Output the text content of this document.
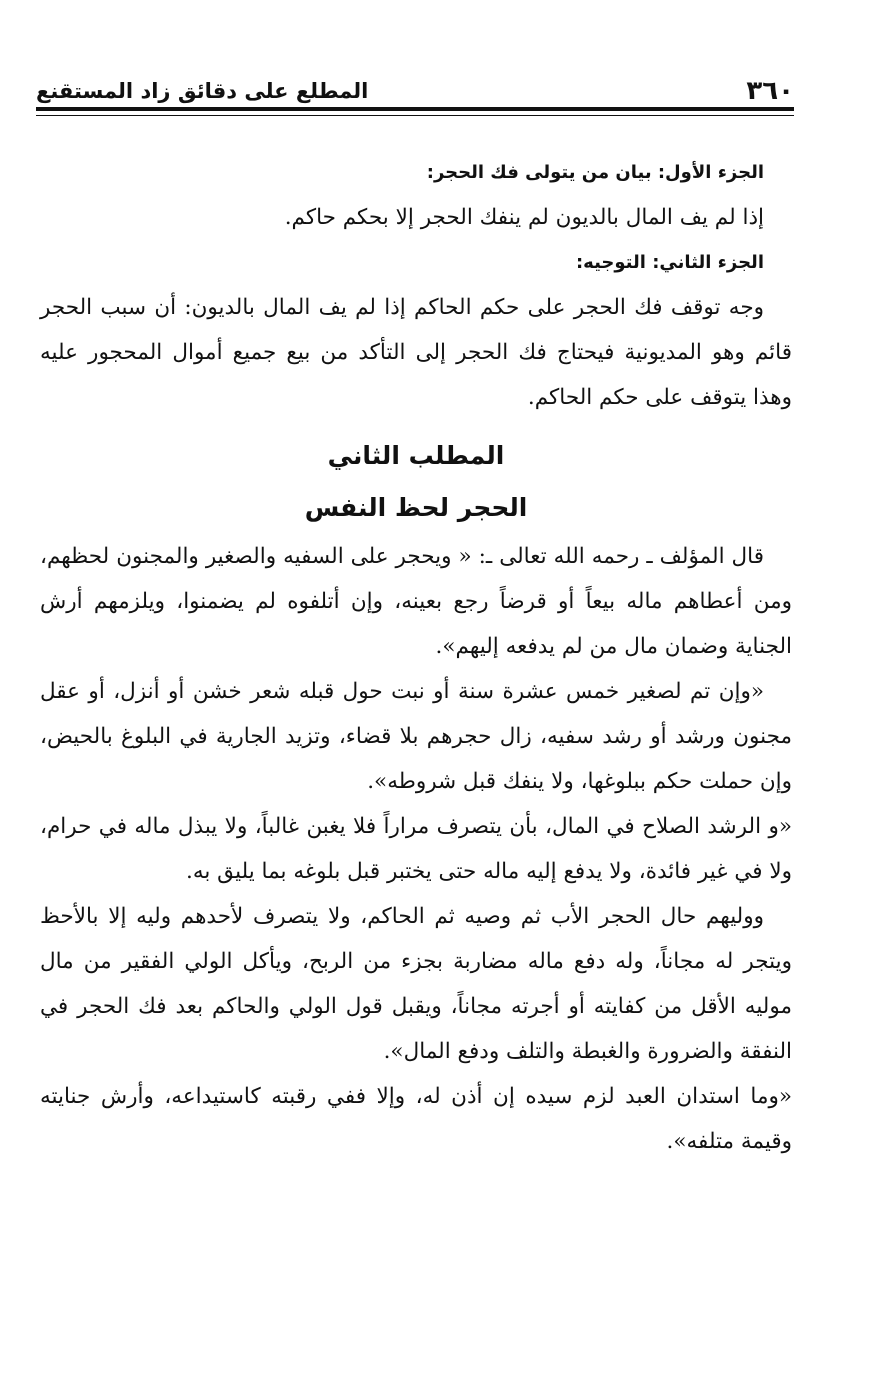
٣٦٠
المطلع على دقائق زاد المستقنع

الجزء الأول: بيان من يتولى فك الحجر:

إذا لم يف المال بالديون لم ينفك الحجر إلا بحكم حاكم.

الجزء الثاني: التوجيه:

وجه توقف فك الحجر على حكم الحاكم إذا لم يف المال بالديون: أن سبب الحجر قائم وهو المديونية فيحتاج فك الحجر إلى التأكد من بيع جميع أموال المحجور عليه وهذا يتوقف على حكم الحاكم.

المطلب الثاني

الحجر لحظ النفس

قال المؤلف ـ رحمه الله تعالى ـ: « ويحجر على السفيه والصغير والمجنون لحظهم، ومن أعطاهم ماله بيعاً أو قرضاً رجع بعينه، وإن أتلفوه لم يضمنوا، ويلزمهم أرش الجناية وضمان مال من لم يدفعه إليهم».

«وإن تم لصغير خمس عشرة سنة أو نبت حول قبله شعر خشن أو أنزل، أو عقل مجنون ورشد أو رشد سفيه، زال حجرهم بلا قضاء، وتزيد الجارية في البلوغ بالحيض، وإن حملت حكم ببلوغها، ولا ينفك قبل شروطه».

«و الرشد الصلاح في المال، بأن يتصرف مراراً فلا يغبن غالباً، ولا يبذل ماله في حرام، ولا في غير فائدة، ولا يدفع إليه ماله حتى يختبر قبل بلوغه بما يليق به.

ووليهم حال الحجر الأب ثم وصيه ثم الحاكم، ولا يتصرف لأحدهم وليه إلا بالأحظ ويتجر له مجاناً، وله دفع ماله مضاربة بجزء من الربح، ويأكل الولي الفقير من مال موليه الأقل من كفايته أو أجرته مجاناً، ويقبل قول الولي والحاكم بعد فك الحجر في النفقة والضرورة والغبطة والتلف ودفع المال».

«وما استدان العبد لزم سيده إن أذن له، وإلا ففي رقبته كاستيداعه، وأرش جنايته وقيمة متلفه».
